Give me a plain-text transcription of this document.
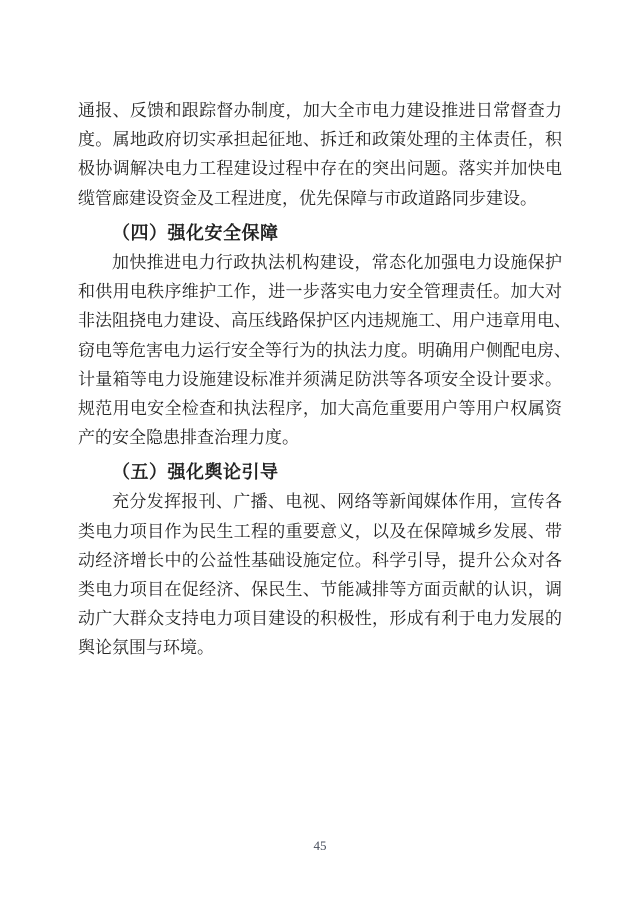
通报、反馈和跟踪督办制度，加大全市电力建设推进日常督查力
度。属地政府切实承担起征地、拆迁和政策处理的主体责任，积
极协调解决电力工程建设过程中存在的突出问题。落实并加快电
缆管廊建设资金及工程进度，优先保障与市政道路同步建设。
（四）强化安全保障
加快推进电力行政执法机构建设，常态化加强电力设施保护
和供用电秩序维护工作，进一步落实电力安全管理责任。加大对
非法阻挠电力建设、高压线路保护区内违规施工、用户违章用电、
窃电等危害电力运行安全等行为的执法力度。明确用户侧配电房、
计量箱等电力设施建设标准并须满足防洪等各项安全设计要求。
规范用电安全检查和执法程序，加大高危重要用户等用户权属资
产的安全隐患排查治理力度。
（五）强化舆论引导
充分发挥报刊、广播、电视、网络等新闻媒体作用，宣传各
类电力项目作为民生工程的重要意义，以及在保障城乡发展、带
动经济增长中的公益性基础设施定位。科学引导，提升公众对各
类电力项目在促经济、保民生、节能减排等方面贡献的认识，调
动广大群众支持电力项目建设的积极性，形成有利于电力发展的
舆论氛围与环境。
45
